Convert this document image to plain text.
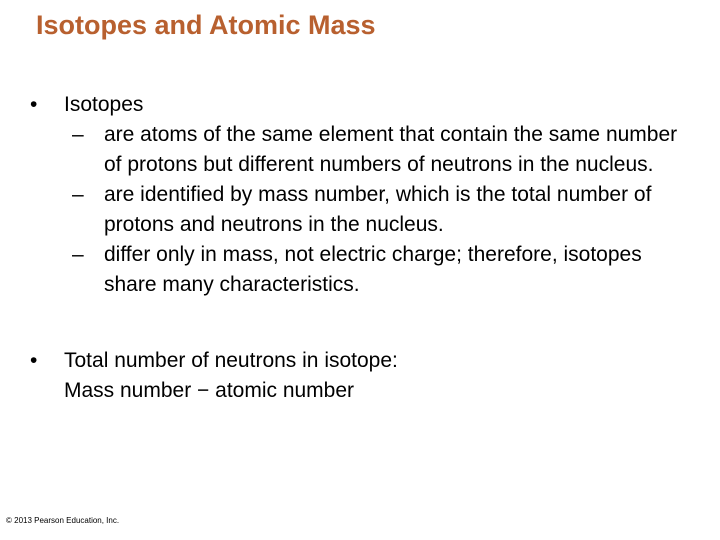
Isotopes and Atomic Mass
•	Isotopes
– are atoms of the same element that contain the same number of protons but different numbers of neutrons in the nucleus.
– are identified by mass number, which is the total number of protons and neutrons in the nucleus.
– differ only in mass, not electric charge; therefore, isotopes share many characteristics.
•	Total number of neutrons in isotope:
Mass number − atomic number
© 2013 Pearson Education, Inc.
